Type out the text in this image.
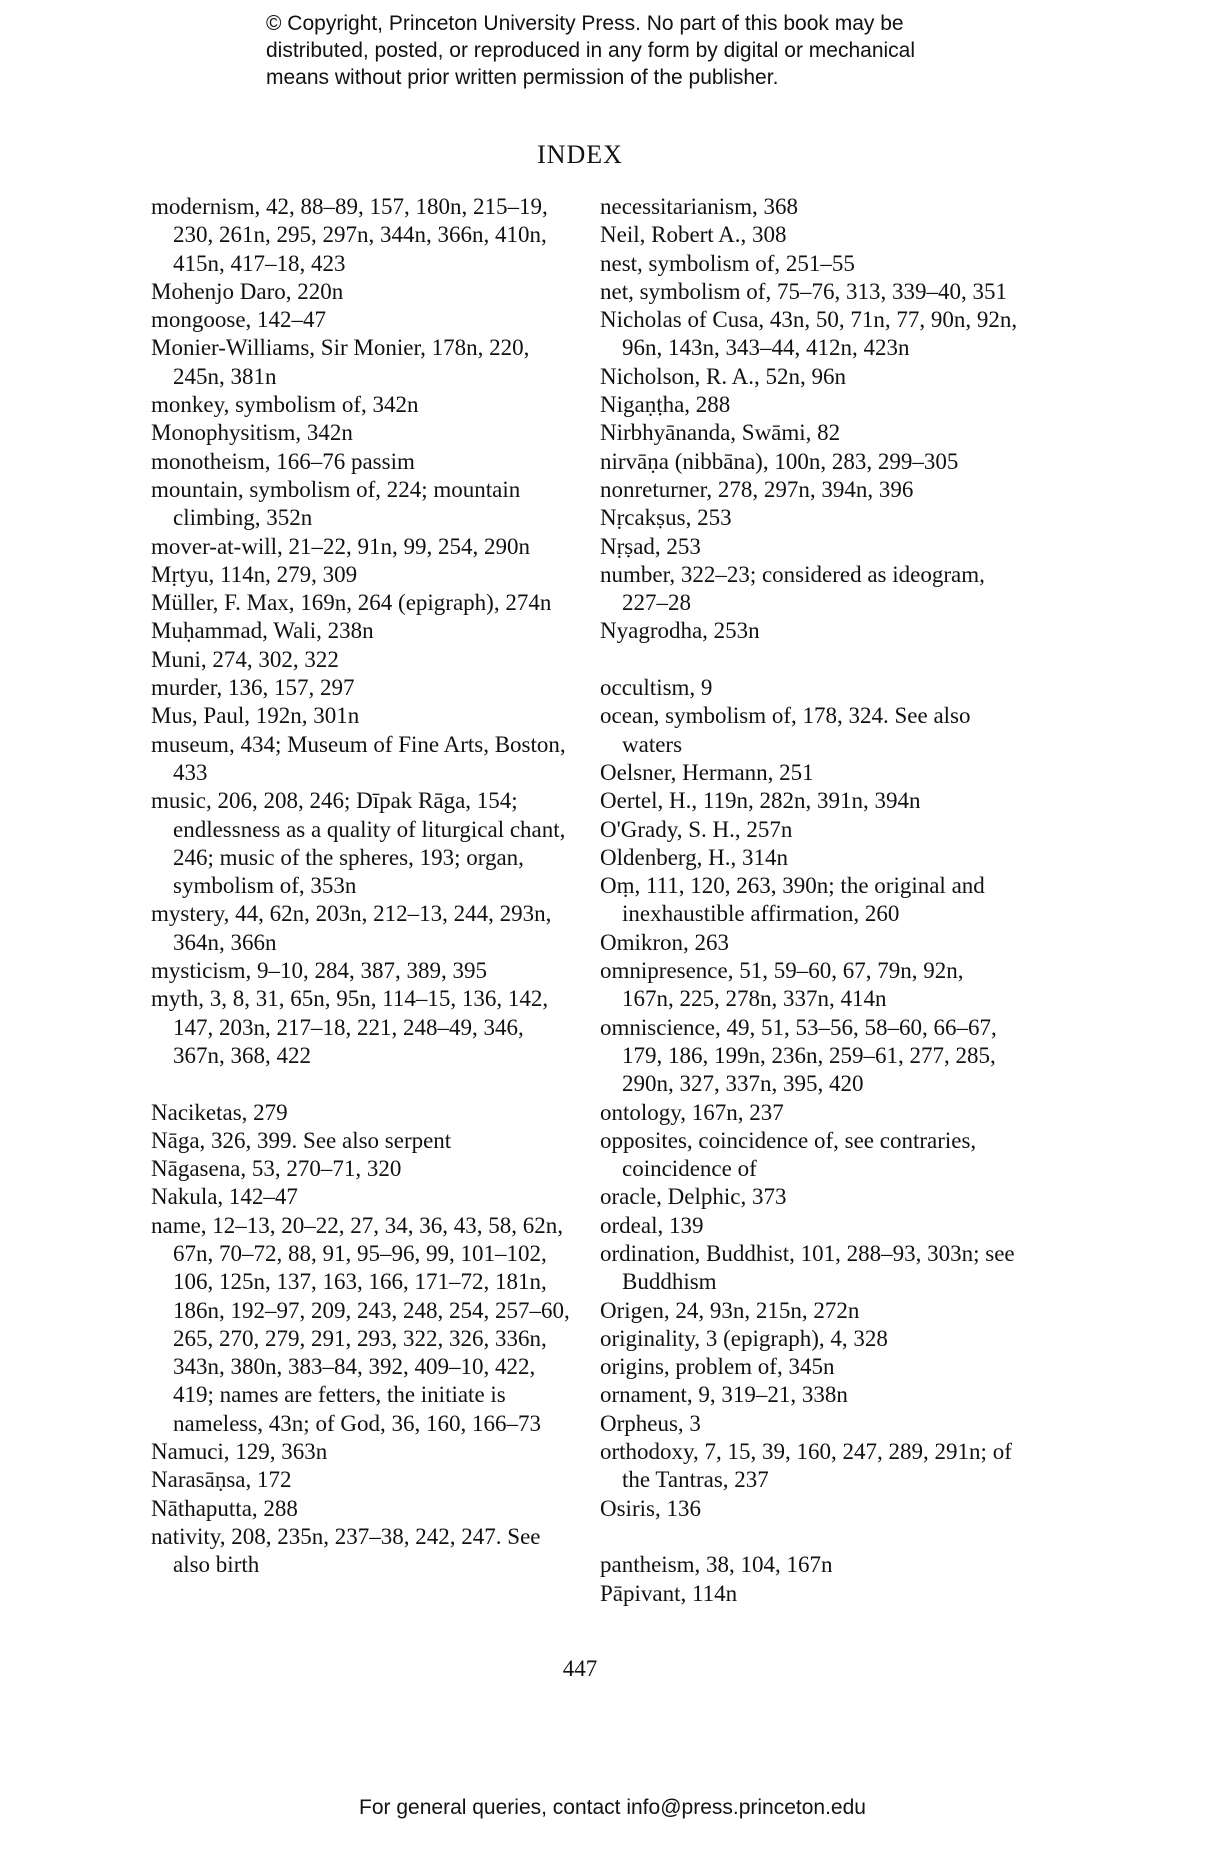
© Copyright, Princeton University Press. No part of this book may be
distributed, posted, or reproduced in any form by digital or mechanical
means without prior written permission of the publisher.
INDEX
modernism, 42, 88–89, 157, 180n, 215–19, 230, 261n, 295, 297n, 344n, 366n, 410n, 415n, 417–18, 423
Mohenjo Daro, 220n
mongoose, 142–47
Monier-Williams, Sir Monier, 178n, 220, 245n, 381n
monkey, symbolism of, 342n
Monophysitism, 342n
monotheism, 166–76 passim
mountain, symbolism of, 224; mountain climbing, 352n
mover-at-will, 21–22, 91n, 99, 254, 290n
Mṛtyu, 114n, 279, 309
Müller, F. Max, 169n, 264 (epigraph), 274n
Muḥammad, Wali, 238n
Muni, 274, 302, 322
murder, 136, 157, 297
Mus, Paul, 192n, 301n
museum, 434; Museum of Fine Arts, Boston, 433
music, 206, 208, 246; Dīpak Rāga, 154; endlessness as a quality of liturgical chant, 246; music of the spheres, 193; organ, symbolism of, 353n
mystery, 44, 62n, 203n, 212–13, 244, 293n, 364n, 366n
mysticism, 9–10, 284, 387, 389, 395
myth, 3, 8, 31, 65n, 95n, 114–15, 136, 142, 147, 203n, 217–18, 221, 248–49, 346, 367n, 368, 422
Naciketas, 279
Nāga, 326, 399. See also serpent
Nāgasena, 53, 270–71, 320
Nakula, 142–47
name, 12–13, 20–22, 27, 34, 36, 43, 58, 62n, 67n, 70–72, 88, 91, 95–96, 99, 101–102, 106, 125n, 137, 163, 166, 171–72, 181n, 186n, 192–97, 209, 243, 248, 254, 257–60, 265, 270, 279, 291, 293, 322, 326, 336n, 343n, 380n, 383–84, 392, 409–10, 422, 419; names are fetters, the initiate is nameless, 43n; of God, 36, 160, 166–73
Namuci, 129, 363n
Narasāṇsa, 172
Nāthaputta, 288
nativity, 208, 235n, 237–38, 242, 247. See also birth
necessitarianism, 368
Neil, Robert A., 308
nest, symbolism of, 251–55
net, symbolism of, 75–76, 313, 339–40, 351
Nicholas of Cusa, 43n, 50, 71n, 77, 90n, 92n, 96n, 143n, 343–44, 412n, 423n
Nicholson, R. A., 52n, 96n
Nigaṇṭha, 288
Nirbhyānanda, Swāmi, 82
nirvāṇa (nibbāna), 100n, 283, 299–305
nonreturner, 278, 297n, 394n, 396
Nṛcakṣus, 253
Nṛṣad, 253
number, 322–23; considered as ideogram, 227–28
Nyagrodha, 253n
occultism, 9
ocean, symbolism of, 178, 324. See also waters
Oelsner, Hermann, 251
Oertel, H., 119n, 282n, 391n, 394n
O'Grady, S. H., 257n
Oldenberg, H., 314n
Oṃ, 111, 120, 263, 390n; the original and inexhaustible affirmation, 260
Omikron, 263
omnipresence, 51, 59–60, 67, 79n, 92n, 167n, 225, 278n, 337n, 414n
omniscience, 49, 51, 53–56, 58–60, 66–67, 179, 186, 199n, 236n, 259–61, 277, 285, 290n, 327, 337n, 395, 420
ontology, 167n, 237
opposites, coincidence of, see contraries, coincidence of
oracle, Delphic, 373
ordeal, 139
ordination, Buddhist, 101, 288–93, 303n; see Buddhism
Origen, 24, 93n, 215n, 272n
originality, 3 (epigraph), 4, 328
origins, problem of, 345n
ornament, 9, 319–21, 338n
Orpheus, 3
orthodoxy, 7, 15, 39, 160, 247, 289, 291n; of the Tantras, 237
Osiris, 136
pantheism, 38, 104, 167n
Pāpivant, 114n
447
For general queries, contact info@press.princeton.edu
